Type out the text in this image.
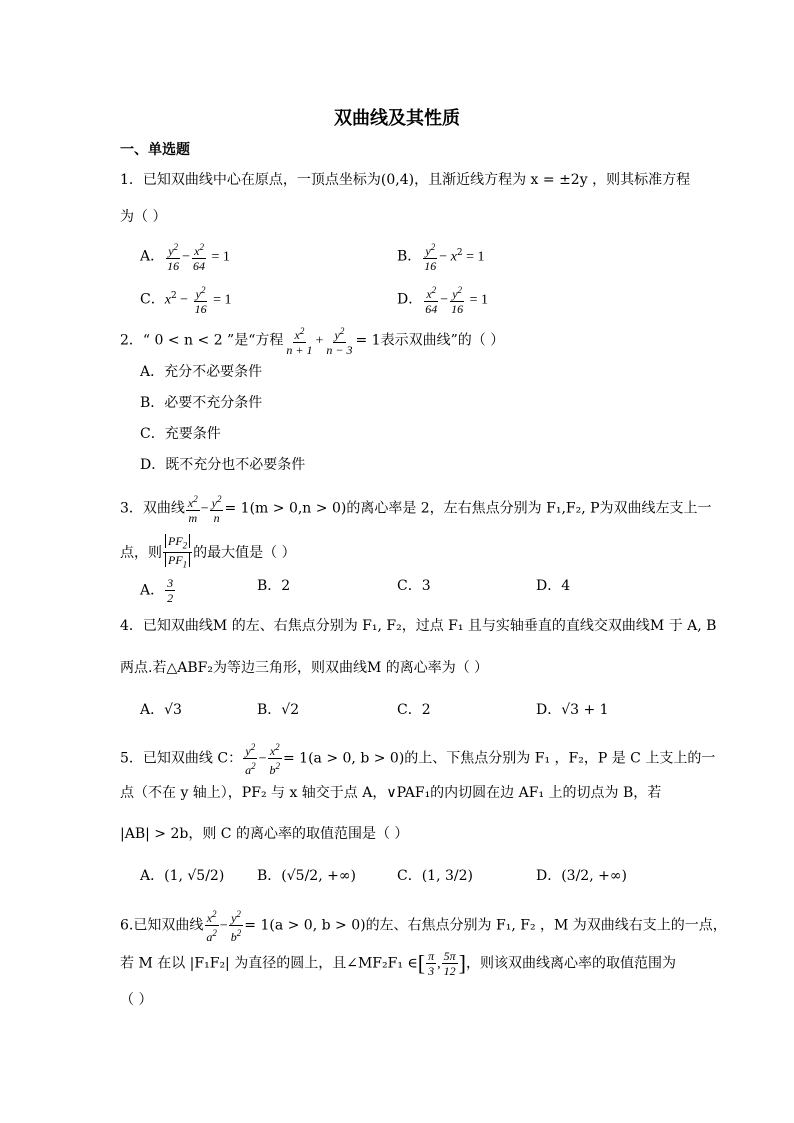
双曲线及其性质
一、单选题
1．已知双曲线中心在原点，一顶点坐标为(0,4)，且渐近线方程为 x = ±2y ，则其标准方程
为（ ）
A． $\frac{y^2}{16} - \frac{x^2}{64} = 1$	B． $\frac{y^2}{16} - x^2 = 1$
C．$x^2 - \frac{y^2}{16} = 1$	D． $\frac{x^2}{64} - \frac{y^2}{16} = 1$
2．“ 0 < n < 2 ”是“方程 $\frac{x^2}{n + 1} + \frac{y^2}{n - 3} = 1$表示双曲线”的（ ）
A．充分不必要条件
B．必要不充分条件
C．充要条件
D．既不充分也不必要条件
3．双曲线 $\frac{x^2}{m} - \frac{y^2}{n} = 1(m > 0,n > 0)$的离心率是 2，左右焦点分别为 F₁,F₂, P为双曲线左支上一
点，则 $\frac{PF_2}{PF_1}$ 的最大值是（ ）
A． $\frac{3}{2}$	B．2	C．3	D．4
4．已知双曲线M 的左、右焦点分别为 F₁, F₂，过点 F₁ 且与实轴垂直的直线交双曲线M 于 A, B
两点.若△ABF₂为等边三角形，则双曲线M 的离心率为（ ）
A．√3	B．√2	C．2	D．√3 + 1
5．已知双曲线 C： $\frac{y^2}{a^2} - \frac{x^2}{b^2} = 1(a > 0$, b > 0)的上、下焦点分别为 F₁ ，F₂，P 是 C 上支上的一
点（不在 y 轴上），PF₂ 与 x 轴交于点 A，∨PAF₁的内切圆在边 AF₁ 上的切点为 B，若
|AB| > 2b，则 C 的离心率的取值范围是（ ）
A．(1, √5/2) B．(√5/2, +∞)	C．(1, 3/2)	D．(3/2, +∞)
6.已知双曲线 $\frac{x^2}{a^2} - \frac{y^2}{b^2} = 1(a > 0$, b > 0)的左、右焦点分别为 F₁, F₂ ，M 为双曲线右支上的一点，
若 M 在以 |F₁F₂| 为直径的圆上，且∠MF₂F₁ ∈[ $\frac{\pi}{3}$ , $\frac{5\pi}{12}$ ]，则该双曲线离心率的取值范围为
（ ）
